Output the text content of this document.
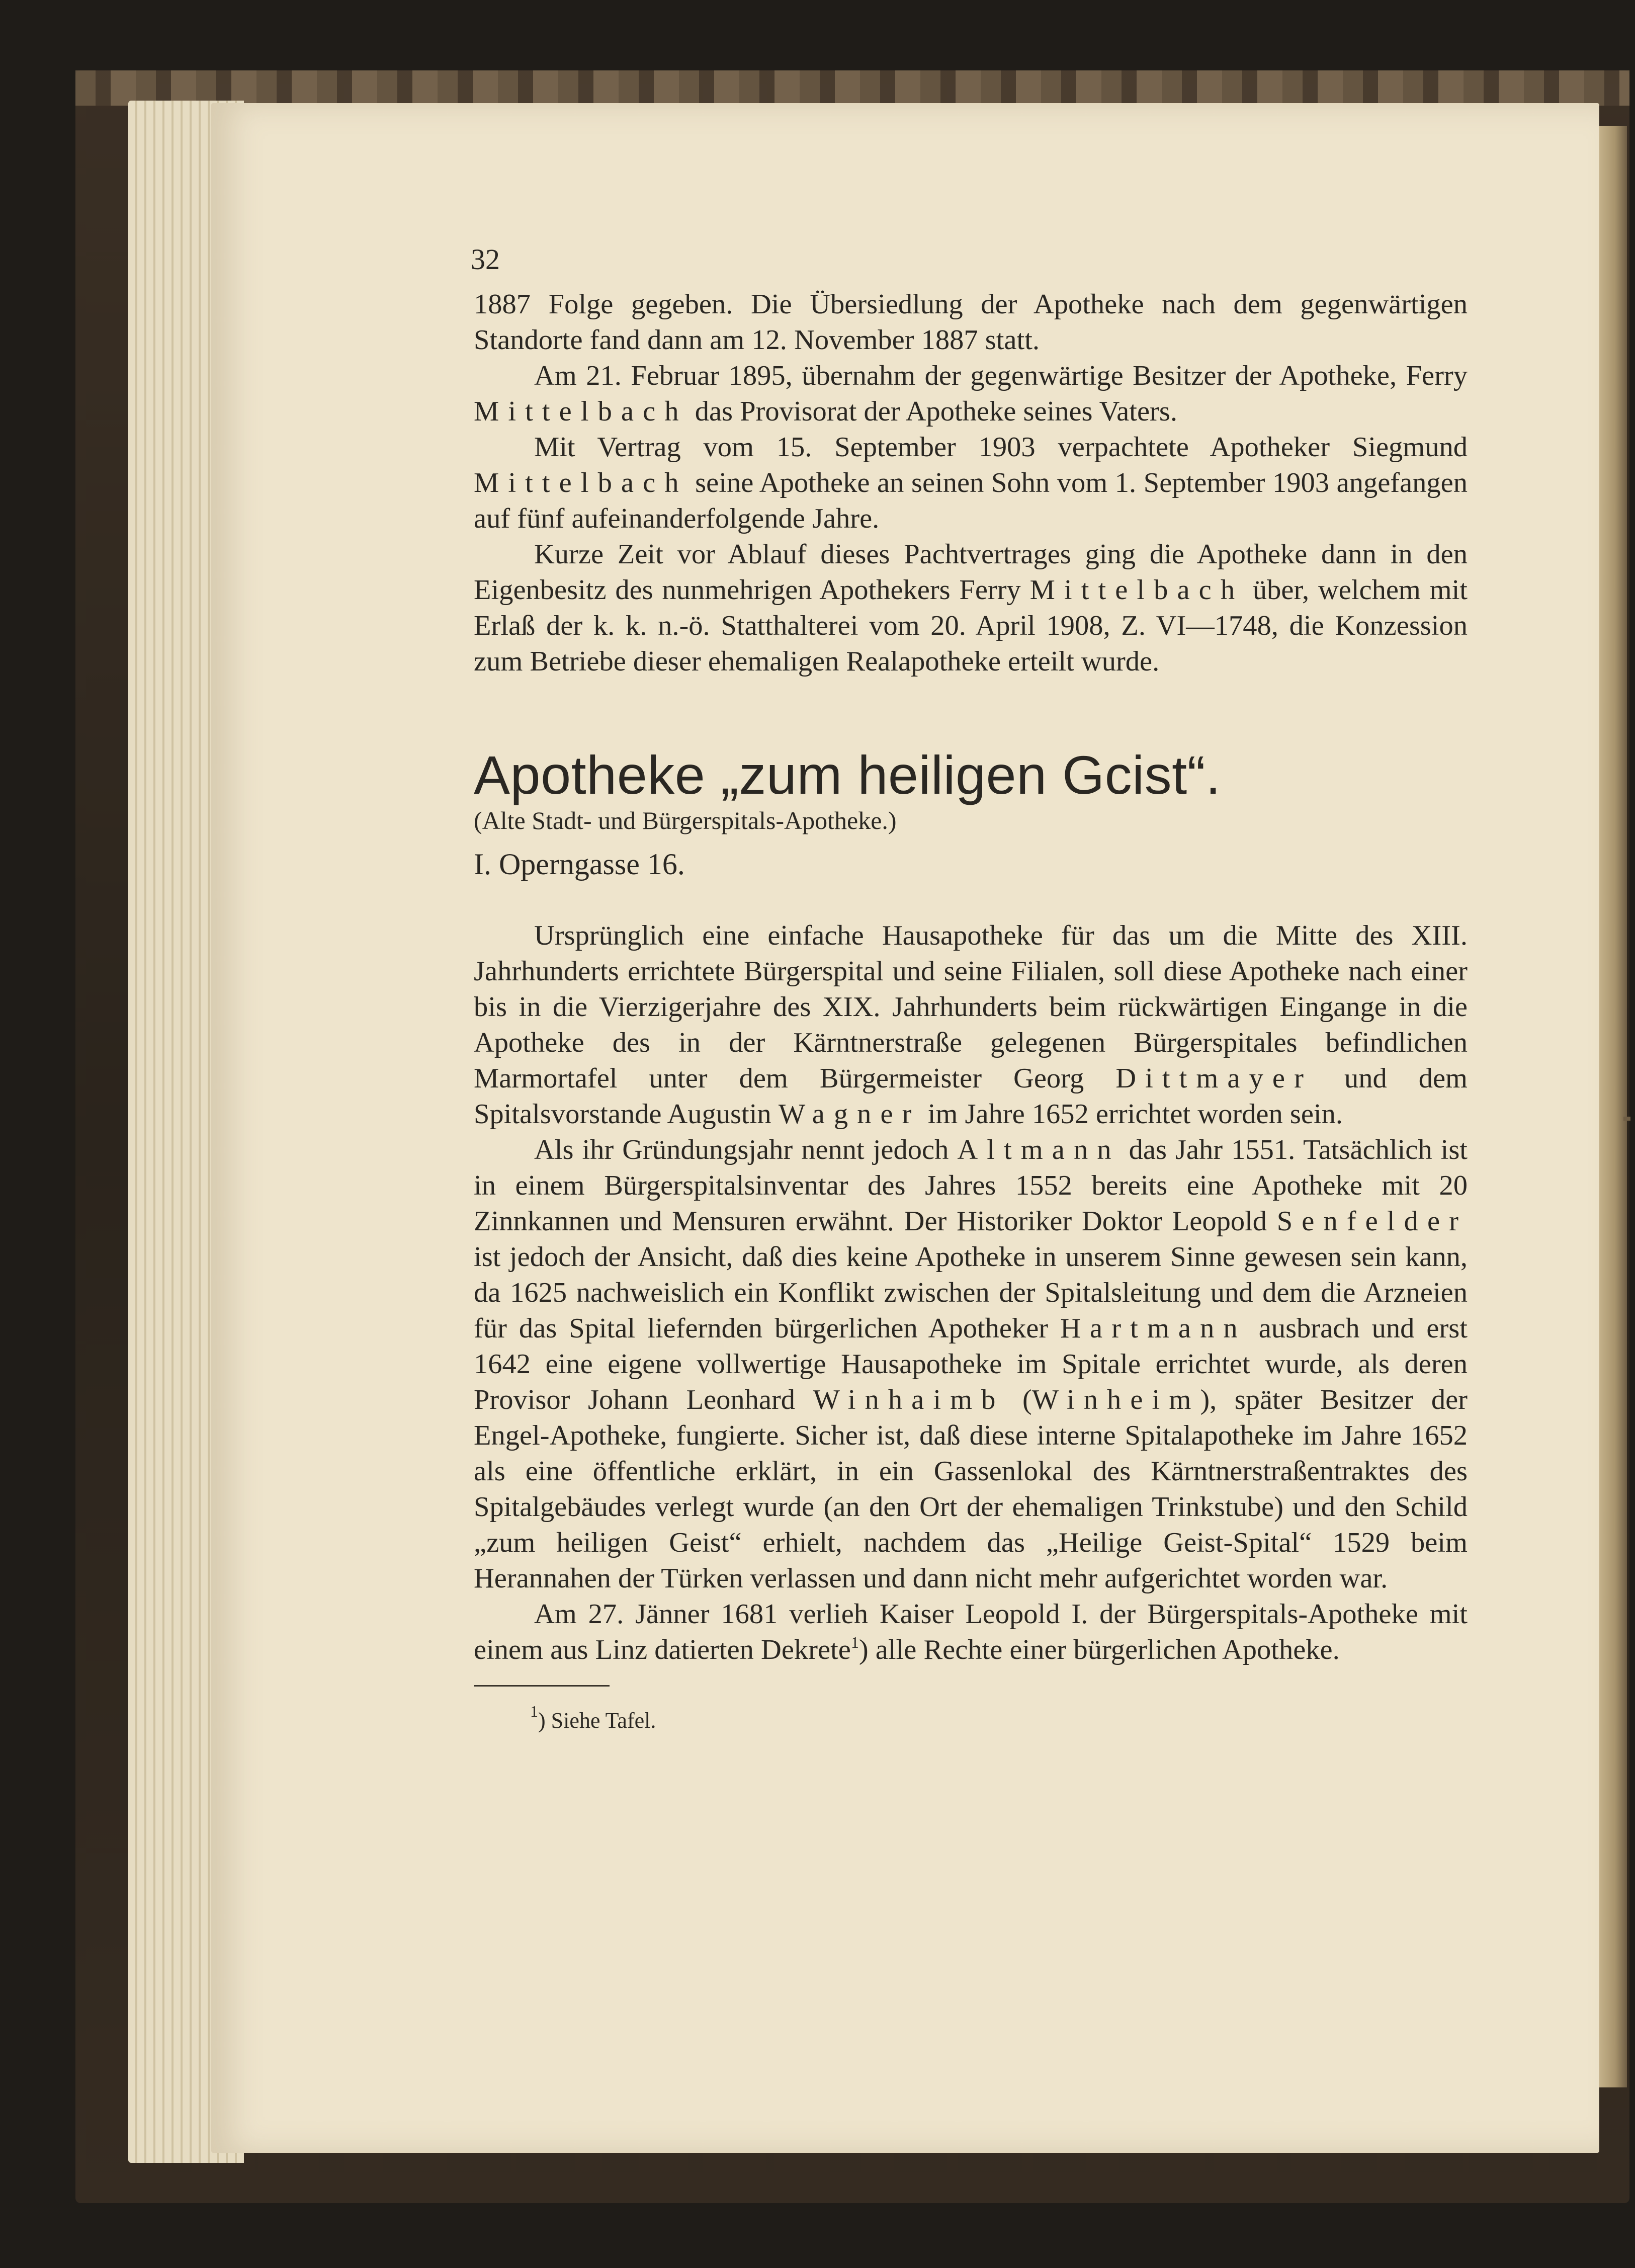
32

1887 Folge gegeben. Die Übersiedlung der Apotheke nach dem gegenwärtigen Standorte fand dann am 12. November 1887 statt.

Am 21. Februar 1895, übernahm der gegenwärtige Besitzer der Apotheke, Ferry Mittelbach das Provisorat der Apotheke seines Vaters.

Mit Vertrag vom 15. September 1903 verpachtete Apotheker Siegmund Mittelbach seine Apotheke an seinen Sohn vom 1. September 1903 angefangen auf fünf aufeinanderfolgende Jahre.

Kurze Zeit vor Ablauf dieses Pachtvertrages ging die Apotheke dann in den Eigenbesitz des nunmehrigen Apothekers Ferry Mittelbach über, welchem mit Erlaß der k. k. n.-ö. Statthalterei vom 20. April 1908, Z. VI—1748, die Konzession zum Betriebe dieser ehemaligen Realapotheke erteilt wurde.

Apotheke „zum heiligen Gcist“.

(Alte Stadt- und Bürgerspitals-Apotheke.)

I. Operngasse 16.

Ursprünglich eine einfache Hausapotheke für das um die Mitte des XIII. Jahrhunderts errichtete Bürgerspital und seine Filialen, soll diese Apotheke nach einer bis in die Vierzigerjahre des XIX. Jahrhunderts beim rückwärtigen Eingange in die Apotheke des in der Kärntnerstraße gelegenen Bürgerspitales befindlichen Marmortafel unter dem Bürgermeister Georg Dittmayer und dem Spitalsvorstande Augustin Wagner im Jahre 1652 errichtet worden sein.

Als ihr Gründungsjahr nennt jedoch Altmann das Jahr 1551. Tatsächlich ist in einem Bürgerspitalsinventar des Jahres 1552 bereits eine Apotheke mit 20 Zinnkannen und Mensuren erwähnt. Der Historiker Doktor Leopold Senfelder ist jedoch der Ansicht, daß dies keine Apotheke in unserem Sinne gewesen sein kann, da 1625 nachweislich ein Konflikt zwischen der Spitalsleitung und dem die Arzneien für das Spital liefernden bürgerlichen Apotheker Hartmann ausbrach und erst 1642 eine eigene vollwertige Hausapotheke im Spitale errichtet wurde, als deren Provisor Johann Leonhard Winhaimb (Winheim), später Besitzer der Engel-Apotheke, fungierte. Sicher ist, daß diese interne Spitalapotheke im Jahre 1652 als eine öffentliche erklärt, in ein Gassenlokal des Kärntnerstraßentraktes des Spitalgebäudes verlegt wurde (an den Ort der ehemaligen Trinkstube) und den Schild „zum heiligen Geist“ erhielt, nachdem das „Heilige Geist-Spital“ 1529 beim Herannahen der Türken verlassen und dann nicht mehr aufgerichtet worden war.

Am 27. Jänner 1681 verlieh Kaiser Leopold I. der Bürgerspitals-Apotheke mit einem aus Linz datierten Dekrete$^1$) alle Rechte einer bürgerlichen Apotheke.

$^1$) Siehe Tafel.
